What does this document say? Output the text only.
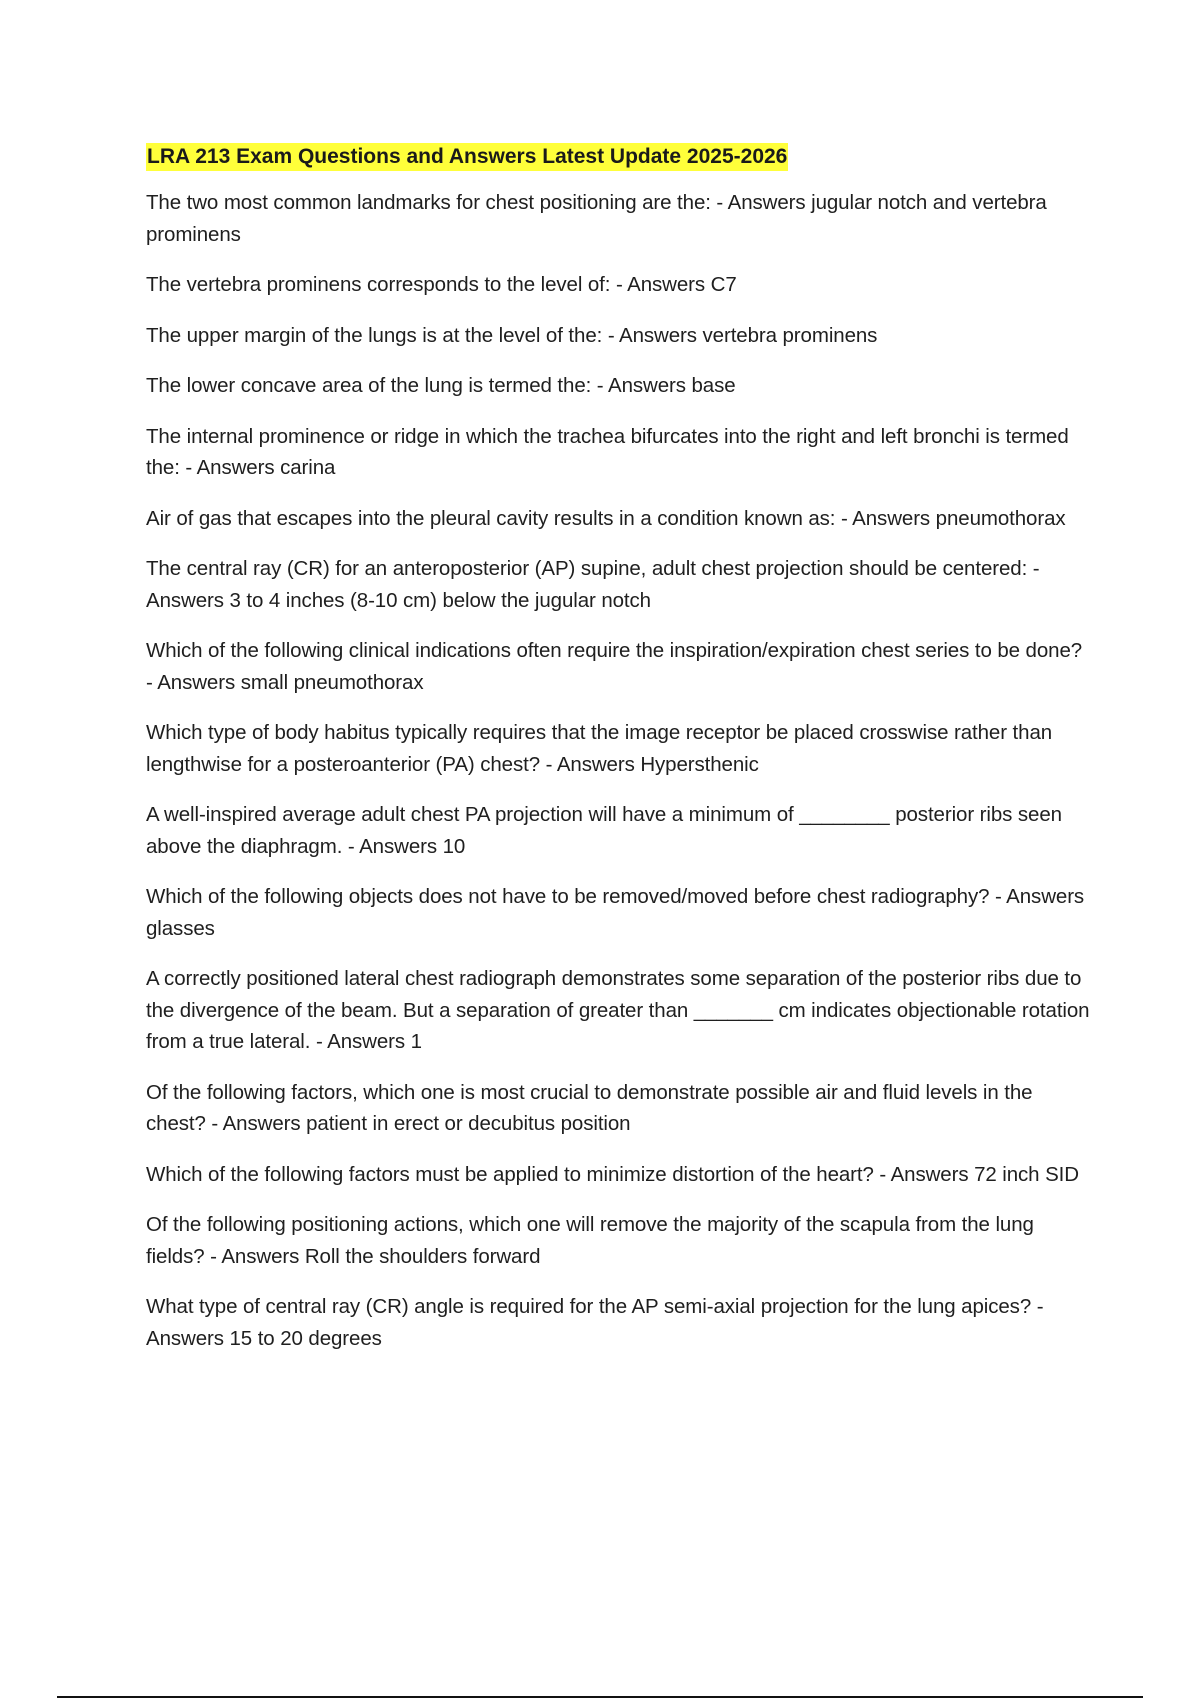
LRA 213 Exam Questions and Answers Latest Update 2025-2026

The two most common landmarks for chest positioning are the: - Answers jugular notch and vertebra prominens

The vertebra prominens corresponds to the level of: - Answers C7

The upper margin of the lungs is at the level of the: - Answers vertebra prominens

The lower concave area of the lung is termed the: - Answers base

The internal prominence or ridge in which the trachea bifurcates into the right and left bronchi is termed the: - Answers carina

Air of gas that escapes into the pleural cavity results in a condition known as: - Answers pneumothorax

The central ray (CR) for an anteroposterior (AP) supine, adult chest projection should be centered: - Answers 3 to 4 inches (8-10 cm) below the jugular notch

Which of the following clinical indications often require the inspiration/expiration chest series to be done? - Answers small pneumothorax

Which type of body habitus typically requires that the image receptor be placed crosswise rather than lengthwise for a posteroanterior (PA) chest? - Answers Hypersthenic

A well-inspired average adult chest PA projection will have a minimum of ________ posterior ribs seen above the diaphragm. - Answers 10

Which of the following objects does not have to be removed/moved before chest radiography? - Answers glasses

A correctly positioned lateral chest radiograph demonstrates some separation of the posterior ribs due to the divergence of the beam. But a separation of greater than _______ cm indicates objectionable rotation from a true lateral. - Answers 1

Of the following factors, which one is most crucial to demonstrate possible air and fluid levels in the chest? - Answers patient in erect or decubitus position

Which of the following factors must be applied to minimize distortion of the heart? - Answers 72 inch SID

Of the following positioning actions, which one will remove the majority of the scapula from the lung fields? - Answers Roll the shoulders forward

What type of central ray (CR) angle is required for the AP semi-axial projection for the lung apices? - Answers 15 to 20 degrees
